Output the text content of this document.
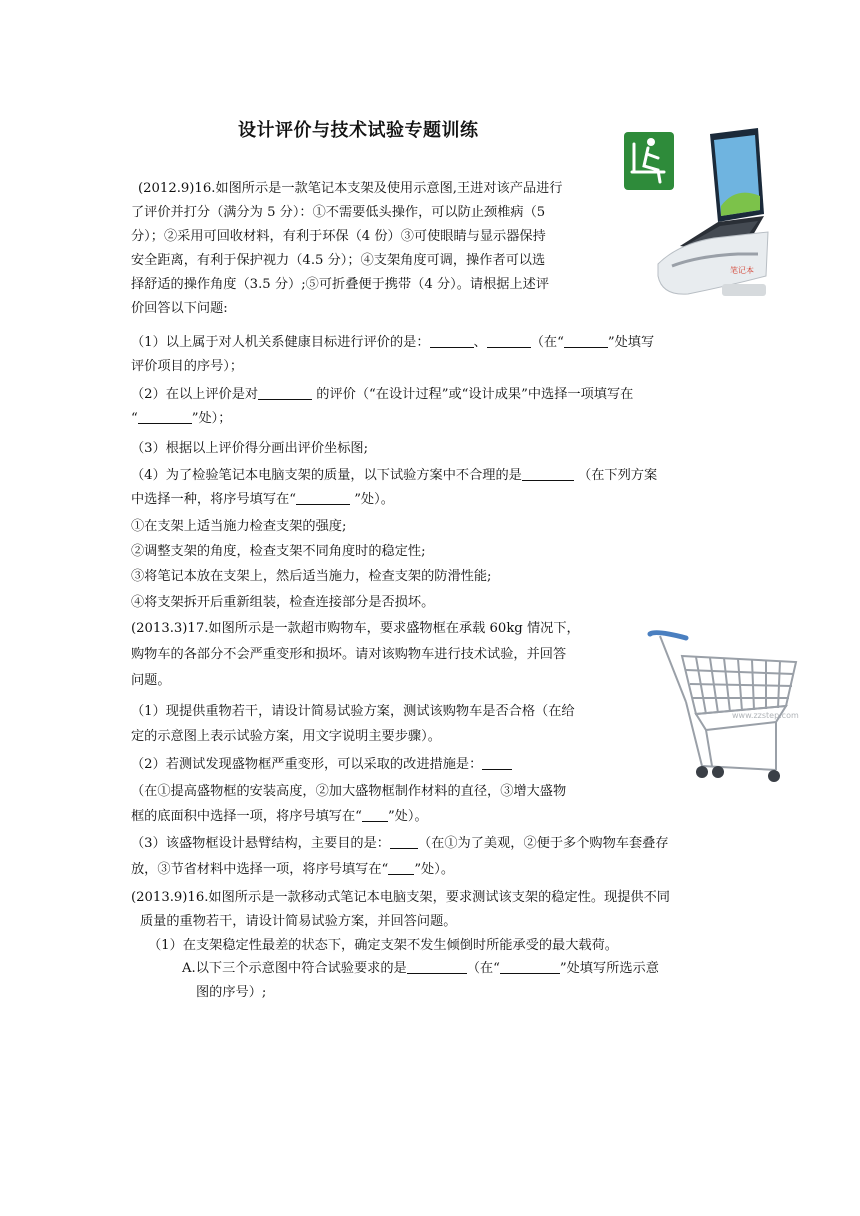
设计评价与技术试验专题训练
笔记本
(2012.9)16.如图所示是一款笔记本支架及使用示意图,王进对该产品进行
了评价并打分（满分为 5 分）：①不需要低头操作，可以防止颈椎病（5
分）；②采用可回收材料，有利于环保（4 份）③可使眼睛与显示器保持
安全距离，有利于保护视力（4.5 分）；④支架角度可调，操作者可以选
择舒适的操作角度（3.5 分）;⑤可折叠便于携带（4 分）。请根据上述评
价回答以下问题:
（1）以上属于对人机关系健康目标进行评价的是：	、	（在“	”处填写
评价项目的序号）；
（2）在以上评价是对	的评价（“在设计过程”或“设计成果”中选择一项填写在
“	”处）；
（3）根据以上评价得分画出评价坐标图;
（4）为了检验笔记本电脑支架的质量，以下试验方案中不合理的是	（在下列方案
中选择一种，将序号填写在“	”处）。
①在支架上适当施力检查支架的强度;
②调整支架的角度，检查支架不同角度时的稳定性;
③将笔记本放在支架上，然后适当施力，检查支架的防滑性能;
④将支架拆开后重新组装，检查连接部分是否损坏。
www.zzstep.com
(2013.3)17.如图所示是一款超市购物车，要求盛物框在承载 60kg 情况下，
购物车的各部分不会严重变形和损坏。请对该购物车进行技术试验，并回答
问题。
（1）现提供重物若干，请设计简易试验方案，测试该购物车是否合格（在给
定的示意图上表示试验方案，用文字说明主要步骤）。
（2）若测试发现盛物框严重变形，可以采取的改进措施是：
（在①提高盛物框的安装高度，②加大盛物框制作材料的直径，③增大盛物
框的底面积中选择一项，将序号填写在“ ”处）。
（3）该盛物框设计悬臂结构，主要目的是： （在①为了美观，②便于多个购物车套叠存
放，③节省材料中选择一项，将序号填写在“ ”处）。
(2013.9)16.如图所示是一款移动式笔记本电脑支架，要求测试该支架的稳定性。现提供不同
质量的重物若干，请设计简易试验方案，并回答问题。
（1）在支架稳定性最差的状态下，确定支架不发生倾倒时所能承受的最大载荷。
A.以下三个示意图中符合试验要求的是	（在“	”处填写所选示意
图的序号）;
